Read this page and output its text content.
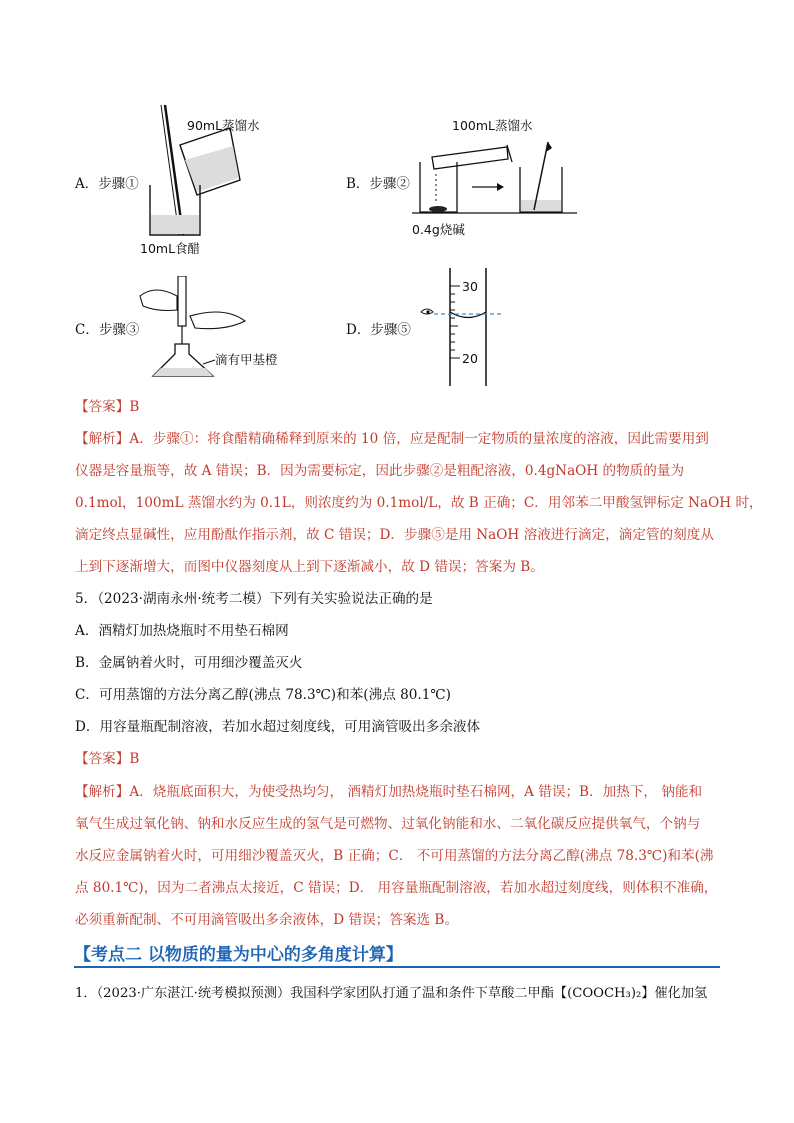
A．步骤①
90mL蒸馏水
10mL食醋
B．步骤②
100mL蒸馏水
0.4g烧碱
C．步骤③
滴有甲基橙
D．步骤⑤
30
20
【答案】B
【解析】A．步骤①：将食醋精确稀释到原来的 10 倍，应是配制一定物质的量浓度的溶液，因此需要用到
仪器是容量瓶等，故 A 错误；B．因为需要标定，因此步骤②是粗配溶液，0.4gNaOH 的物质的量为
0.1mol，100mL 蒸馏水约为 0.1L，则浓度约为 0.1mol/L，故 B 正确；C．用邻苯二甲酸氢钾标定 NaOH 时，
滴定终点显碱性，应用酚酞作指示剂，故 C 错误；D．步骤⑤是用 NaOH 溶液进行滴定，滴定管的刻度从
上到下逐渐增大，而图中仪器刻度从上到下逐渐减小，故 D 错误；答案为 B。
5．（2023·湖南永州·统考二模）下列有关实验说法正确的是
A．酒精灯加热烧瓶时不用垫石棉网
B．金属钠着火时，可用细沙覆盖灭火
C．可用蒸馏的方法分离乙醇(沸点 78.3℃)和苯(沸点 80.1℃)
D．用容量瓶配制溶液，若加水超过刻度线，可用滴管吸出多余液体
【答案】B
【解析】A．烧瓶底面积大，为使受热均匀， 酒精灯加热烧瓶时垫石棉网，A 错误；B．加热下， 钠能和
氧气生成过氧化钠、钠和水反应生成的氢气是可燃物、过氧化钠能和水、二氧化碳反应提供氧气，个钠与
水反应金属钠着火时，可用细沙覆盖灭火，B 正确；C． 不可用蒸馏的方法分离乙醇(沸点 78.3℃)和苯(沸
点 80.1℃)，因为二者沸点太接近，C 错误；D． 用容量瓶配制溶液，若加水超过刻度线，则体积不准确，
必须重新配制、不可用滴管吸出多余液体，D 错误；答案选 B。
【考点二 以物质的量为中心的多角度计算】
1．（2023·广东湛江·统考模拟预测）我国科学家团队打通了温和条件下草酸二甲酯【(COOCH₃)₂】催化加氢
